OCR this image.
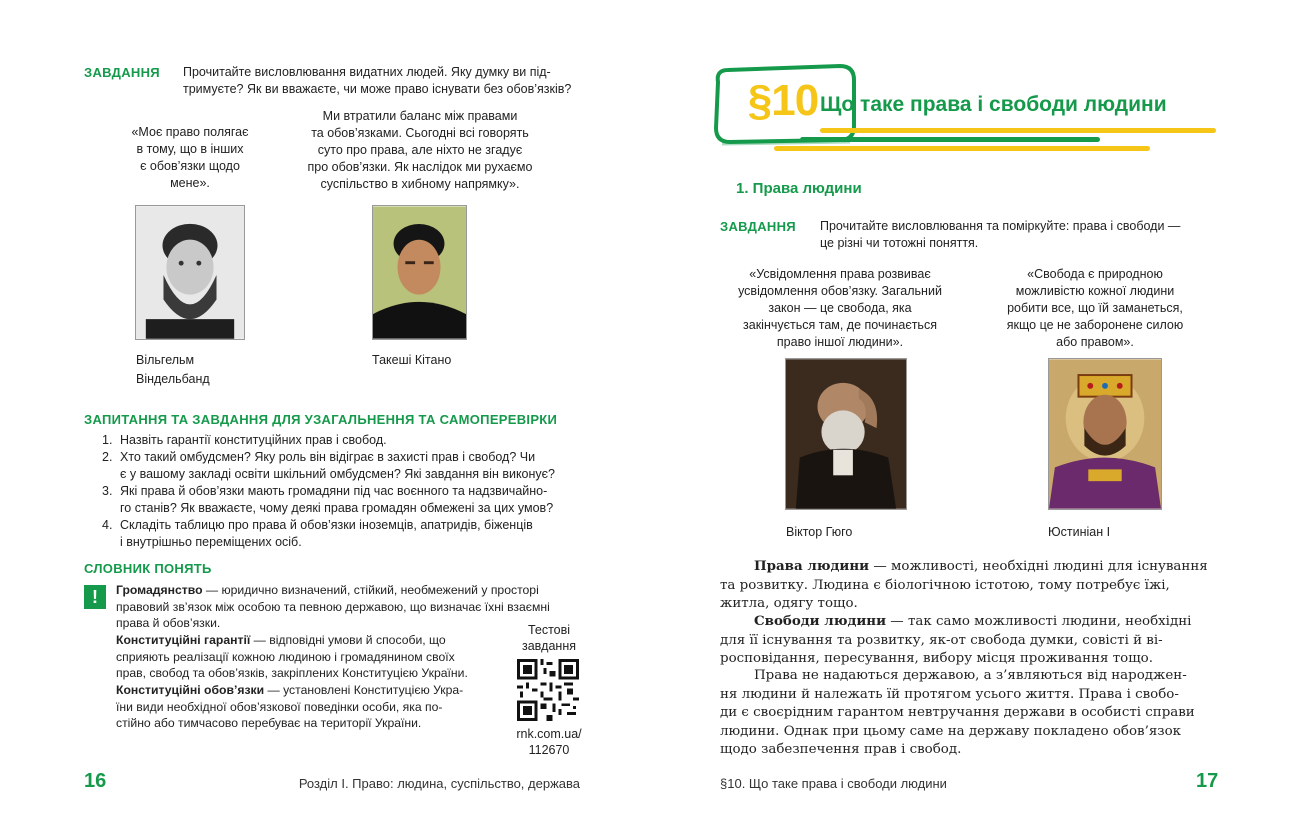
ЗАВДАННЯ Прочитайте висловлювання видатних людей. Яку думку ви під-
тримуєте? Як ви вважаєте, чи може право існувати без обов’язків?
«Моє право полягає
в тому, що в інших
є обов’язки щодо
мене».
Ми втратили баланс між правами
та обов’язками. Сьогодні всі говорять
суто про права, але ніхто не згадує
про обов’язки. Як наслідок ми рухаємо
суспільство в хибному напрямку».
Вільгельм
Віндельбанд
Такеші Кітано
ЗАПИТАННЯ ТА ЗАВДАННЯ ДЛЯ УЗАГАЛЬНЕННЯ ТА САМОПЕРЕВІРКИ
1. Назвіть гарантії конституційних прав і свобод.
2. Хто такий омбудсмен? Яку роль він відіграє в захисті прав і свобод? Чи
є у вашому закладі освіти шкільний омбудсмен? Які завдання він виконує?
3. Які права й обов’язки мають громадяни під час воєнного та надзвичайно-
го станів? Як вважаєте, чому деякі права громадян обмежені за цих умов?
4. Складіть таблицю про права й обов’язки іноземців, апатридів, біженців
і внутрішньо переміщених осіб.
СЛОВНИК ПОНЯТЬ
!	Громадянство — юридично визначений, стійкий, необмежений у просторі
правовий зв’язок між особою та певною державою, що визначає їхні взаємні
права й обов’язки.
Конституційні гарантії — відповідні умови й способи, що
сприяють реалізації кожною людиною і громадянином своїх
прав, свобод та обов’язків, закріплених Конституцією України.
Конституційні обов’язки — установлені Конституцією Укра-
їни види необхідної обов’язкової поведінки особи, яка по-
стійно або тимчасово перебуває на території України.
Тестові
завдання
rnk.com.ua/
112670
16	Розділ I. Право: людина, суспільство, держава
§10 Що таке права і свободи людини
1. Права людини
ЗАВДАННЯ Прочитайте висловлювання та поміркуйте: права і свободи —
це різні чи тотожні поняття.
«Усвідомлення права розвиває
усвідомлення обов’язку. Загальний
закон — це свобода, яка
закінчується там, де починається
право іншої людини».
«Свобода є природною
можливістю кожної людини
робити все, що їй заманеться,
якщо це не заборонене силою
або правом».
Віктор Гюго	Юстиніан I
Права людини — можливості, необхідні людині для існування
та розвитку. Людина є біологічною істотою, тому потребує їжі,
житла, одягу тощо.
Свободи людини — так само можливості людини, необхідні
для її існування та розвитку, як-от свобода думки, совісті й ві-
росповідання, пересування, вибору місця проживання тощо.
Права не надаються державою, а з’являються від народжен-
ня людини й належать їй протягом усього життя. Права і свобо-
ди є своєрідним гарантом невтручання держави в особисті справи
людини. Однак при цьому саме на державу покладено обов’язок
щодо забезпечення прав і свобод.
§10. Що таке права і свободи людини	17
